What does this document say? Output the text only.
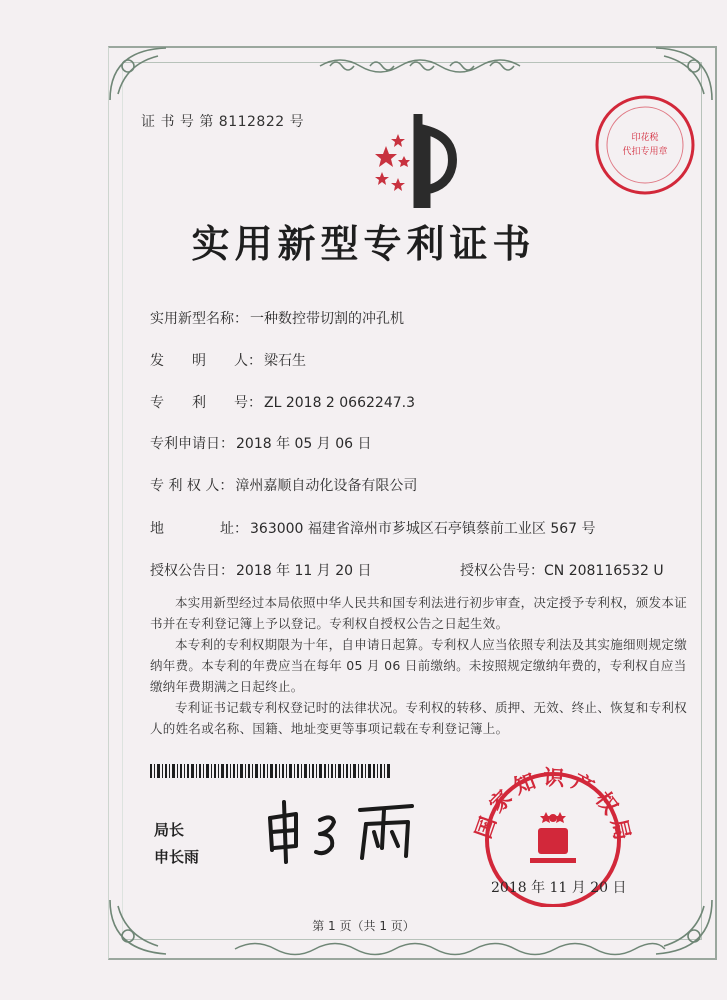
证 书 号 第 8112822 号
实用新型专利证书
印花税
代扣专用章
实用新型名称： 一种数控带切割的冲孔机
发　　明　　人： 梁石生
专　　利　　号： ZL 2018 2 0662247.3
专利申请日： 2018 年 05 月 06 日
专 利 权 人： 漳州嘉顺自动化设备有限公司
地　　　　址： 363000 福建省漳州市芗城区石亭镇蔡前工业区 567 号
授权公告日： 2018 年 11 月 20 日	授权公告号：CN 208116532 U
本实用新型经过本局依照中华人民共和国专利法进行初步审查，决定授予专利权，颁发本证书并在专利登记簿上予以登记。专利权自授权公告之日起生效。
本专利的专利权期限为十年，自申请日起算。专利权人应当依照专利法及其实施细则规定缴纳年费。本专利的年费应当在每年 05 月 06 日前缴纳。未按照规定缴纳年费的，专利权自应当缴纳年费期满之日起终止。
专利证书记载专利权登记时的法律状况。专利权的转移、质押、无效、终止、恢复和专利权人的姓名或名称、国籍、地址变更等事项记载在专利登记簿上。
局长
申长雨
国家知识产权局
2018 年 11 月 20 日
第 1 页（共 1 页）
